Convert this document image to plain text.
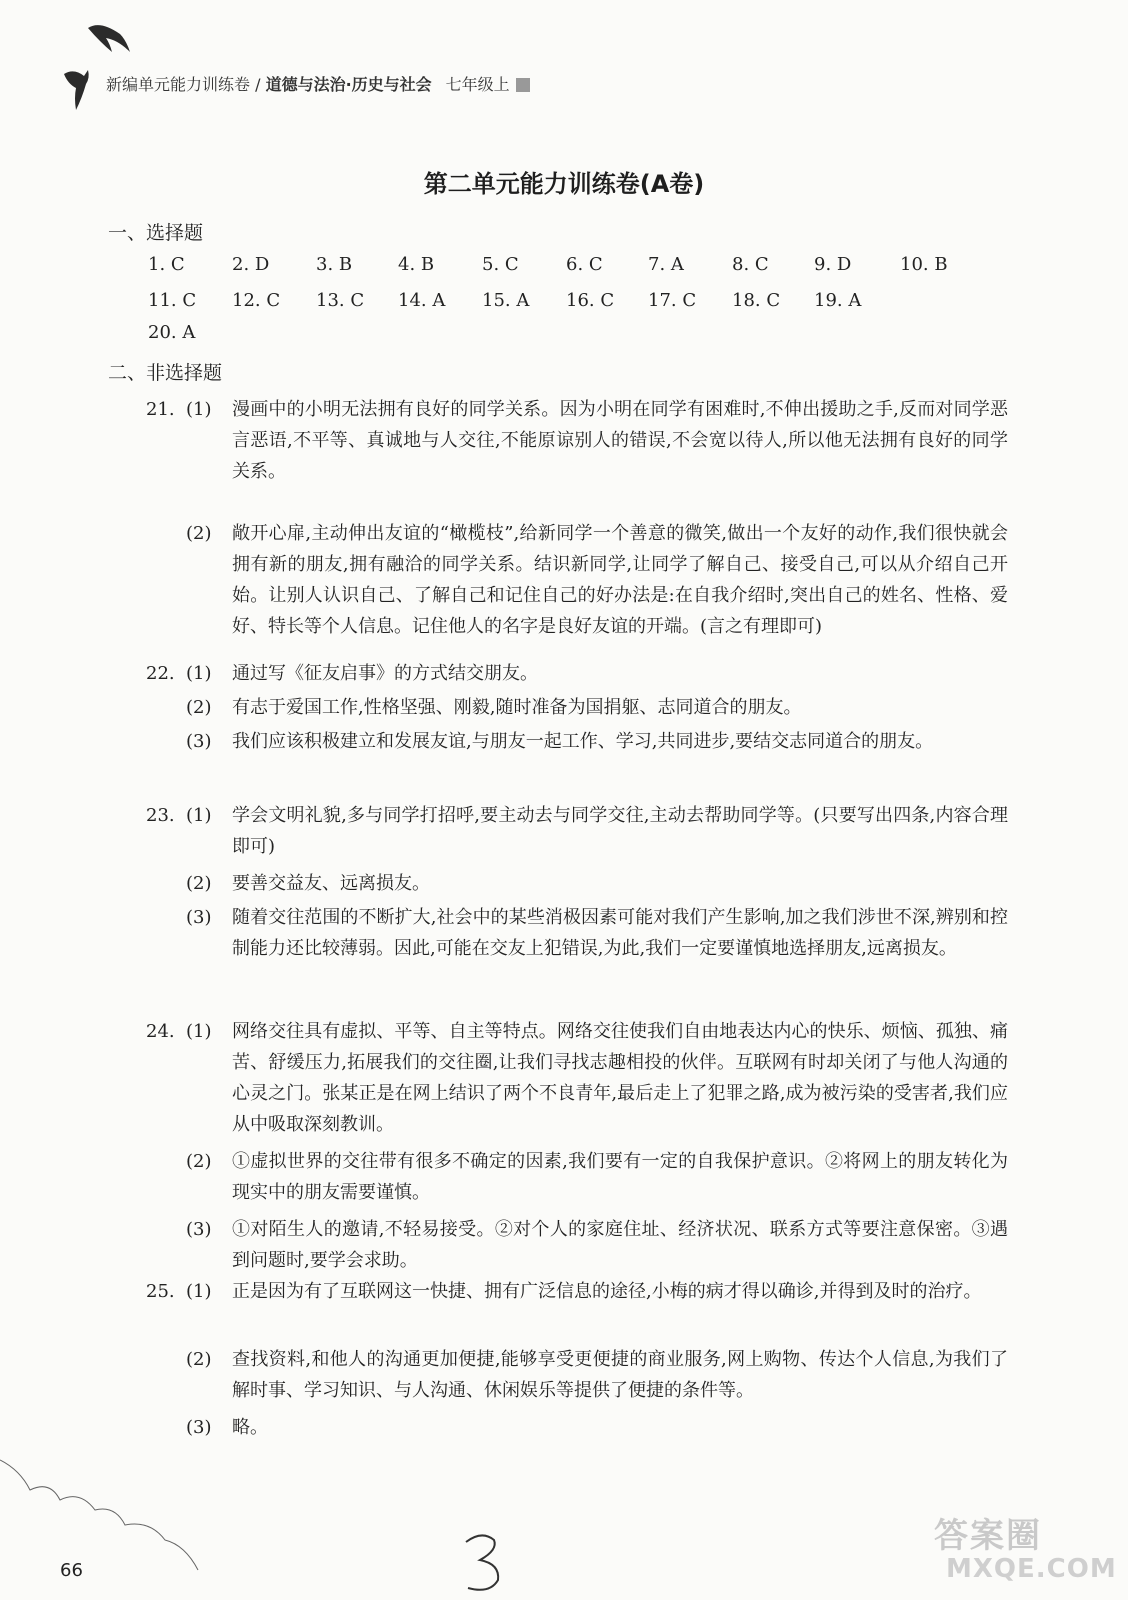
新编单元能力训练卷 / 道德与法治·历史与社会 七年级上
第二单元能力训练卷(A卷)
一、选择题
1. C	2. D	3. B	4. B	5. C	6. C	7. A	8. C	9. D	10. B
11. C 12. C 13. C 14. A 15. A 16. C 17. C 18. C 19. A
20. A
二、非选择题
21. (1) 漫画中的小明无法拥有良好的同学关系。因为小明在同学有困难时,不伸出援助之手,反而对同学恶言恶语,不平等、真诚地与人交往,不能原谅别人的错误,不会宽以待人,所以他无法拥有良好的同学关系。
(2) 敞开心扉,主动伸出友谊的“橄榄枝”,给新同学一个善意的微笑,做出一个友好的动作,我们很快就会拥有新的朋友,拥有融洽的同学关系。结识新同学,让同学了解自己、接受自己,可以从介绍自己开始。让别人认识自己、了解自己和记住自己的好办法是:在自我介绍时,突出自己的姓名、性格、爱好、特长等个人信息。记住他人的名字是良好友谊的开端。(言之有理即可)
22. (1) 通过写《征友启事》的方式结交朋友。
(2) 有志于爱国工作,性格坚强、刚毅,随时准备为国捐躯、志同道合的朋友。
(3) 我们应该积极建立和发展友谊,与朋友一起工作、学习,共同进步,要结交志同道合的朋友。
23. (1) 学会文明礼貌,多与同学打招呼,要主动去与同学交往,主动去帮助同学等。(只要写出四条,内容合理即可)
(2) 要善交益友、远离损友。
(3) 随着交往范围的不断扩大,社会中的某些消极因素可能对我们产生影响,加之我们涉世不深,辨别和控制能力还比较薄弱。因此,可能在交友上犯错误,为此,我们一定要谨慎地选择朋友,远离损友。
24. (1) 网络交往具有虚拟、平等、自主等特点。网络交往使我们自由地表达内心的快乐、烦恼、孤独、痛苦、舒缓压力,拓展我们的交往圈,让我们寻找志趣相投的伙伴。互联网有时却关闭了与他人沟通的心灵之门。张某正是在网上结识了两个不良青年,最后走上了犯罪之路,成为被污染的受害者,我们应从中吸取深刻教训。
(2) ①虚拟世界的交往带有很多不确定的因素,我们要有一定的自我保护意识。②将网上的朋友转化为现实中的朋友需要谨慎。
(3) ①对陌生人的邀请,不轻易接受。②对个人的家庭住址、经济状况、联系方式等要注意保密。③遇到问题时,要学会求助。
25. (1) 正是因为有了互联网这一快捷、拥有广泛信息的途径,小梅的病才得以确诊,并得到及时的治疗。
(2) 查找资料,和他人的沟通更加便捷,能够享受更便捷的商业服务,网上购物、传达个人信息,为我们了解时事、学习知识、与人沟通、休闲娱乐等提供了便捷的条件等。
(3) 略。
66
答案圈
MXQE.COM
